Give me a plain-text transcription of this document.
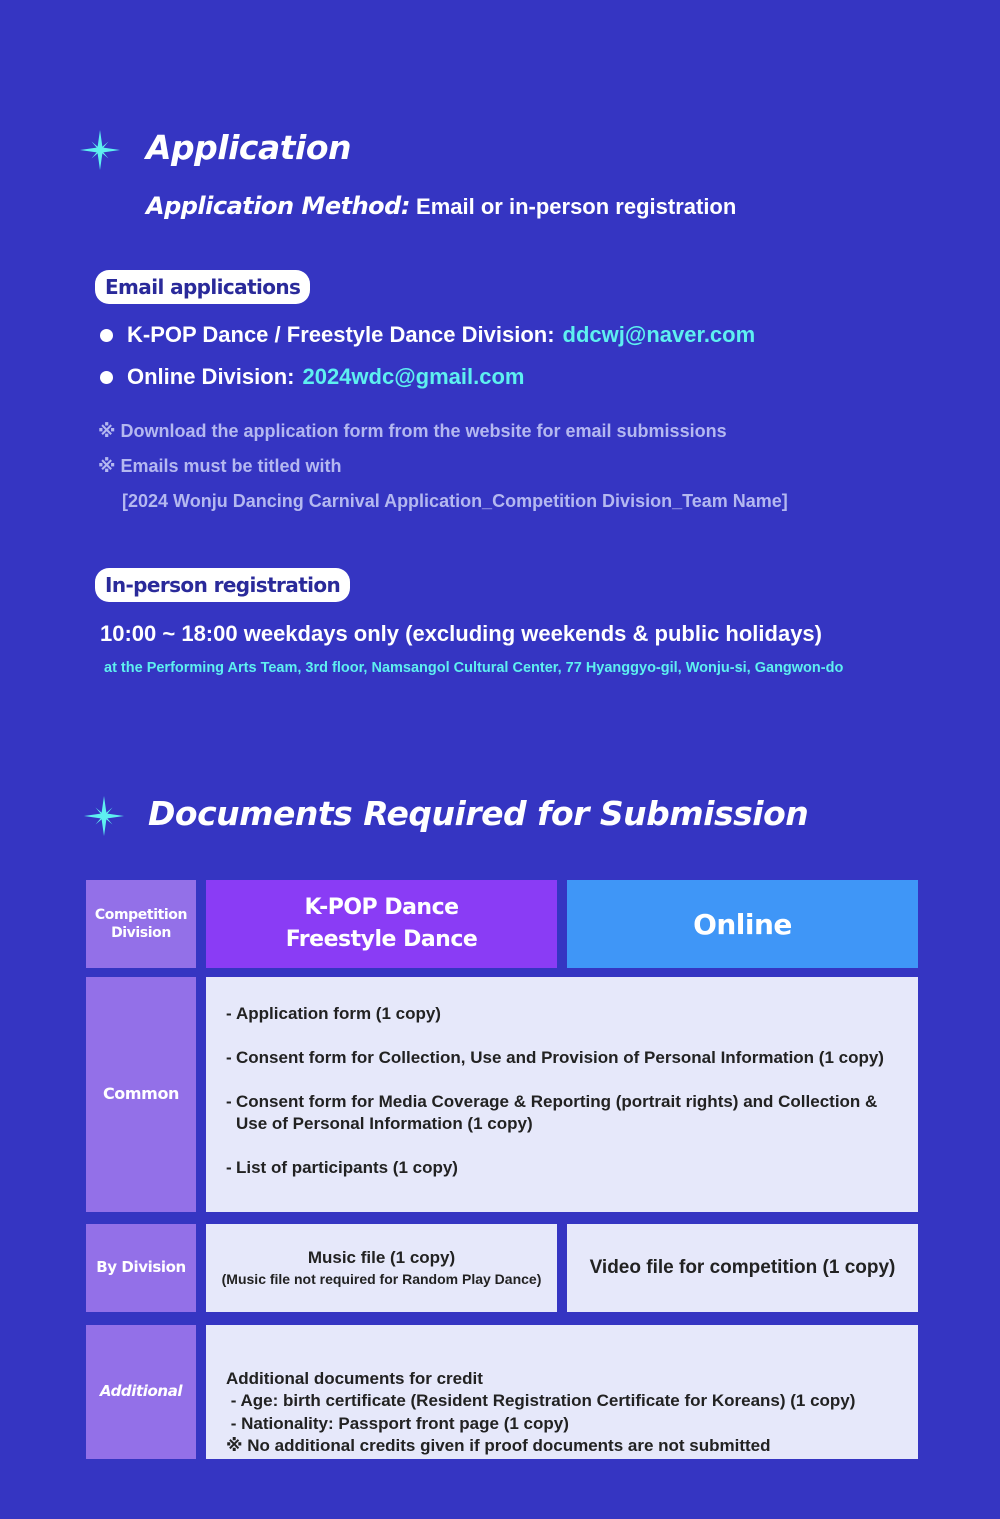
Application
Application Method: Email or in-person registration
Email applications
K-POP Dance / Freestyle Dance Division: ddcwj@naver.com
Online Division: 2024wdc@gmail.com
※ Download the application form from the website for email submissions
※ Emails must be titled with
[2024 Wonju Dancing Carnival Application_Competition Division_Team Name]
In-person registration
10:00 ~ 18:00 weekdays only (excluding weekends & public holidays)
at the Performing Arts Team, 3rd floor, Namsangol Cultural Center, 77 Hyanggyo-gil, Wonju-si, Gangwon-do
Documents Required for Submission
Competition Division
K-POP Dance
Freestyle Dance	Online
Common
- Application form (1 copy)
- Consent form for Collection, Use and Provision of Personal Information (1 copy)
- Consent form for Media Coverage & Reporting (portrait rights) and Collection & Use of Personal Information (1 copy)
- List of participants (1 copy)
By Division
Music file (1 copy)
(Music file not required for Random Play Dance)
Video file for competition (1 copy)
Additional

Additional documents for credit
- Age: birth certificate (Resident Registration Certificate for Koreans) (1 copy)
- Nationality: Passport front page (1 copy)
※ No additional credits given if proof documents are not submitted
